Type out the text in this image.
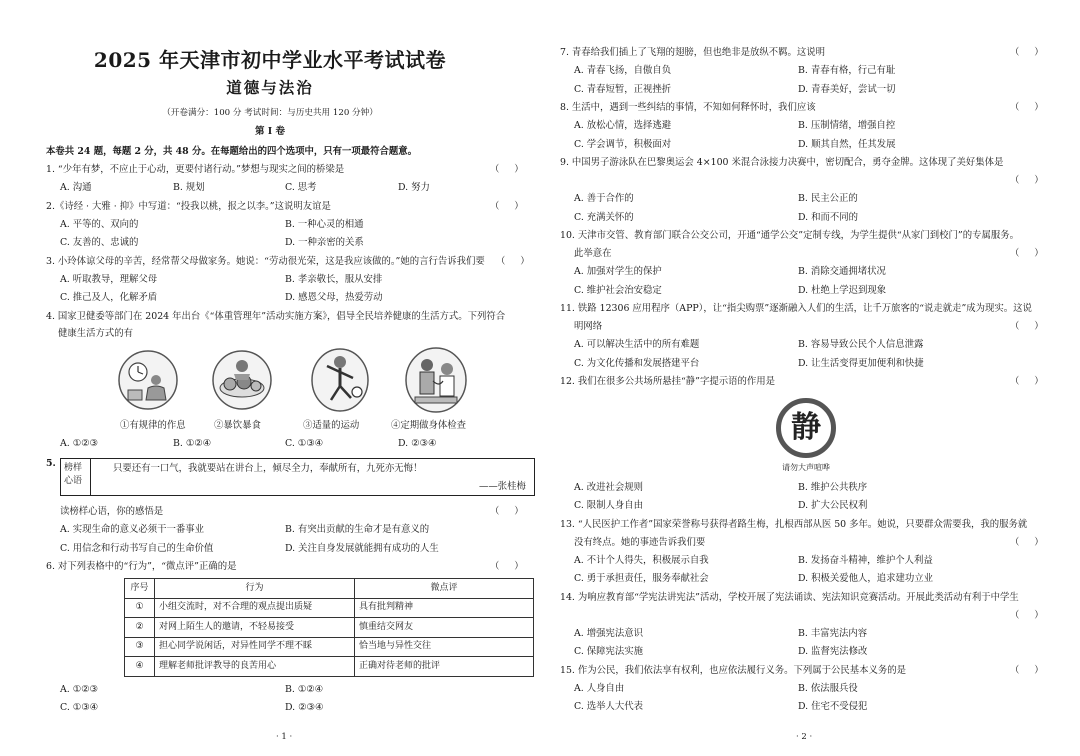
2025 年天津市初中学业水平考试试卷
道德与法治
（开卷满分：100 分 考试时间：与历史共用 120 分钟）
第 I 卷
本卷共 24 题，每题 2 分，共 48 分。在每题给出的四个选项中，只有一项最符合题意。
1. “少年有梦，不应止于心动，更要付诸行动。”梦想与现实之间的桥梁是	（     ）
A. 沟通	B. 规划	C. 思考	D. 努力
2.《诗经 · 大雅 · 抑》中写道：“投我以桃，报之以李。”这说明友谊是	（     ）
A. 平等的、双向的	B. 一种心灵的相通
C. 友善的、忠诚的	D. 一种亲密的关系
3. 小玲体谅父母的辛苦，经常帮父母做家务。她说：“劳动很光荣，这是我应该做的。”她的言行告诉我们要 （     ）
A. 听取教导，理解父母	B. 孝亲敬长，服从安排
C. 推己及人，化解矛盾	D. 感恩父母，热爱劳动
4. 国家卫健委等部门在 2024 年出台《“体重管理年”活动实施方案》，倡导全民培养健康的生活方式。下列符合
健康生活方式的有
①有规律的作息	②暴饮暴食	③适量的运动	④定期做身体检查
A. ①②③	B. ①②④	C. ①③④	D. ②③④
5. 榜样心语
只要还有一口气，我就要站在讲台上，倾尽全力，奉献所有，九死亦无悔！
——张桂梅
读榜样心语，你的感悟是	（     ）
A. 实现生命的意义必须干一番事业	B. 有突出贡献的生命才是有意义的
C. 用信念和行动书写自己的生命价值	D. 关注自身发展就能拥有成功的人生
6. 对下列表格中的“行为”，“微点评”正确的是	（     ）
序号	行为	微点评
①	小组交流时，对不合理的观点提出质疑	具有批判精神
②	对网上陌生人的邀请，不轻易接受	慎重结交网友
③	担心同学说闲话，对异性同学不理不睬	恰当地与异性交往
④	理解老师批评教导的良苦用心	正确对待老师的批评
A. ①②③	B. ①②④
C. ①③④	D. ②③④
· 1 ·
7. 青春给我们插上了飞翔的翅膀，但也绝非是放纵不羁。这说明	（     ）
A. 青春飞扬，自傲自负	B. 青春有格，行己有耻
C. 青春短暂，正视挫折	D. 青春美好，尝试一切
8. 生活中，遇到一些纠结的事情，不知如何释怀时，我们应该	（     ）
A. 放松心情，选择逃避	B. 压制情绪，增强自控
C. 学会调节，积极面对	D. 顺其自然，任其发展
9. 中国男子游泳队在巴黎奥运会 4×100 米混合泳接力决赛中，密切配合，勇夺金牌。这体现了美好集体是
（     ）
A. 善于合作的	B. 民主公正的
C. 充满关怀的	D. 和而不同的
10. 天津市交管、教育部门联合公交公司，开通“通学公交”定制专线，为学生提供“从家门到校门”的专属服务。
此举意在	（     ）
A. 加强对学生的保护	B. 消除交通拥堵状况
C. 维护社会治安稳定	D. 杜绝上学迟到现象
11. 铁路 12306 应用程序（APP），让“指尖购票”逐渐融入人们的生活，让千万旅客的“说走就走”成为现实。这说
明网络	（     ）
A. 可以解决生活中的所有难题	B. 容易导致公民个人信息泄露
C. 为文化传播和发展搭建平台	D. 让生活变得更加便利和快捷
12. 我们在很多公共场所悬挂“静”字提示语的作用是	（     ）
静
请勿大声喧哗
A. 改进社会规则	B. 维护公共秩序
C. 限制人身自由	D. 扩大公民权利
13. “人民医护工作者”国家荣誉称号获得者路生梅，扎根西部从医 50 多年。她说，只要群众需要我，我的服务就
没有终点。她的事迹告诉我们要	（     ）
A. 不计个人得失，积极展示自我	B. 发扬奋斗精神，维护个人利益
C. 勇于承担责任，服务奉献社会	D. 积极关爱他人，追求建功立业
14. 为响应教育部“学宪法讲宪法”活动，学校开展了宪法诵读、宪法知识竞赛活动。开展此类活动有利于中学生
（     ）
A. 增强宪法意识	B. 丰富宪法内容
C. 保障宪法实施	D. 监督宪法修改
15. 作为公民，我们依法享有权利，也应依法履行义务。下列属于公民基本义务的是	（     ）
A. 人身自由	B. 依法服兵役
C. 选举人大代表	D. 住宅不受侵犯
· 2 ·
